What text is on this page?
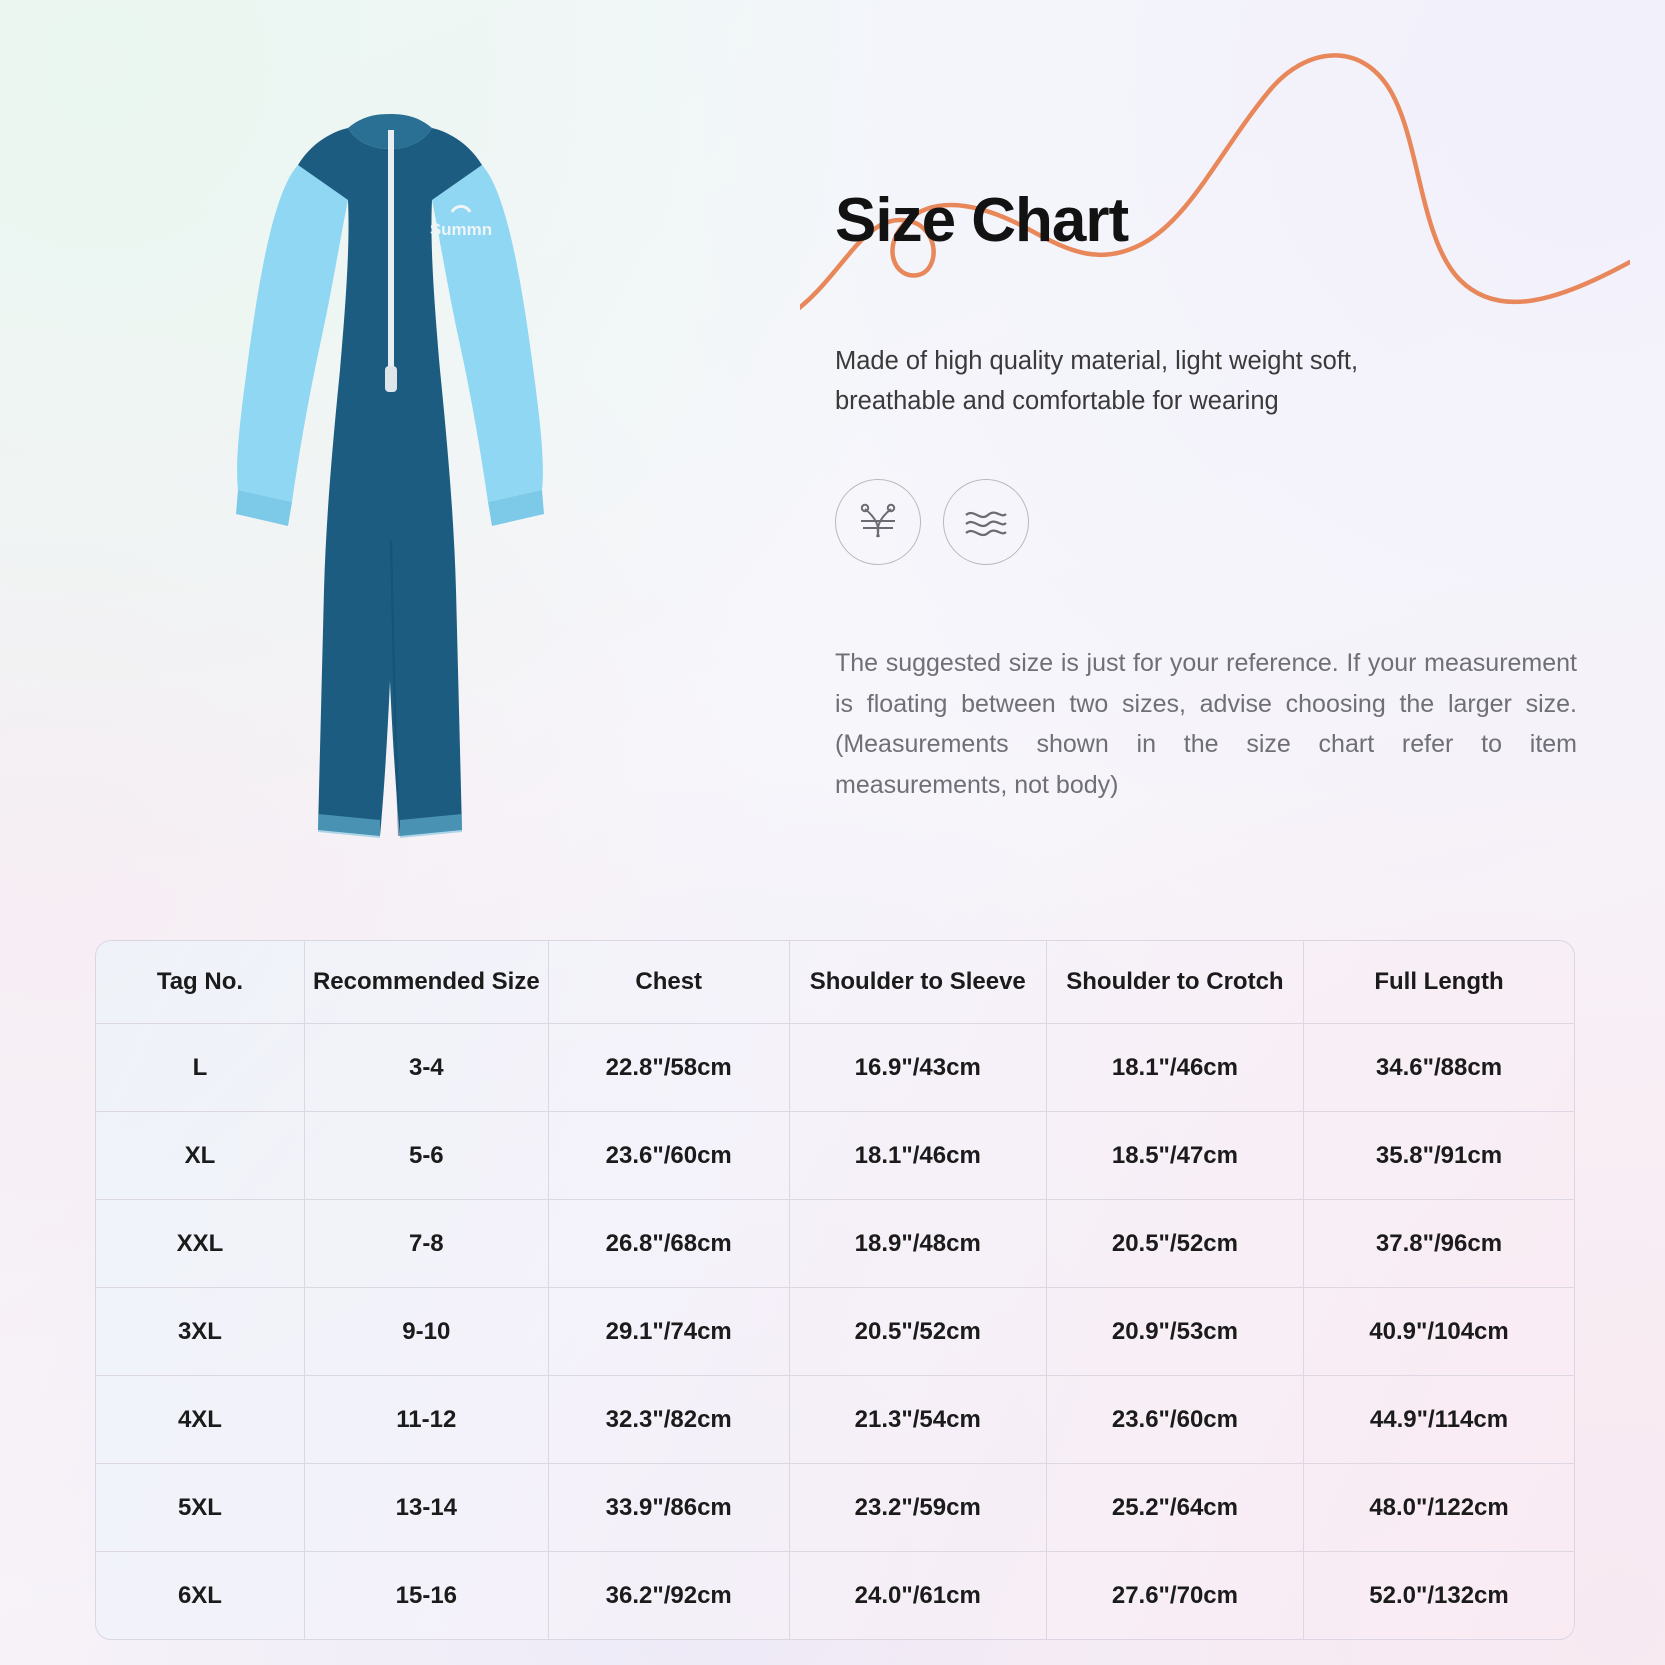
Summn	Size Chart

Made of high quality material, light weight soft, breathable and comfortable for wearing

The suggested size is just for your reference. If your measurement is floating between two sizes, advise choosing the larger size. (Measurements shown in the size chart refer to item measurements, not body)

Tag No.	Recommended Size	Chest	Shoulder to Sleeve	Shoulder to Crotch	Full Length
L	3-4	22.8"/58cm	16.9"/43cm	18.1"/46cm	34.6"/88cm
XL	5-6	23.6"/60cm	18.1"/46cm	18.5"/47cm	35.8"/91cm
XXL	7-8	26.8"/68cm	18.9"/48cm	20.5"/52cm	37.8"/96cm
3XL	9-10	29.1"/74cm	20.5"/52cm	20.9"/53cm	40.9"/104cm
4XL	11-12	32.3"/82cm	21.3"/54cm	23.6"/60cm	44.9"/114cm
5XL	13-14	33.9"/86cm	23.2"/59cm	25.2"/64cm	48.0"/122cm
6XL	15-16	36.2"/92cm	24.0"/61cm	27.6"/70cm	52.0"/132cm
